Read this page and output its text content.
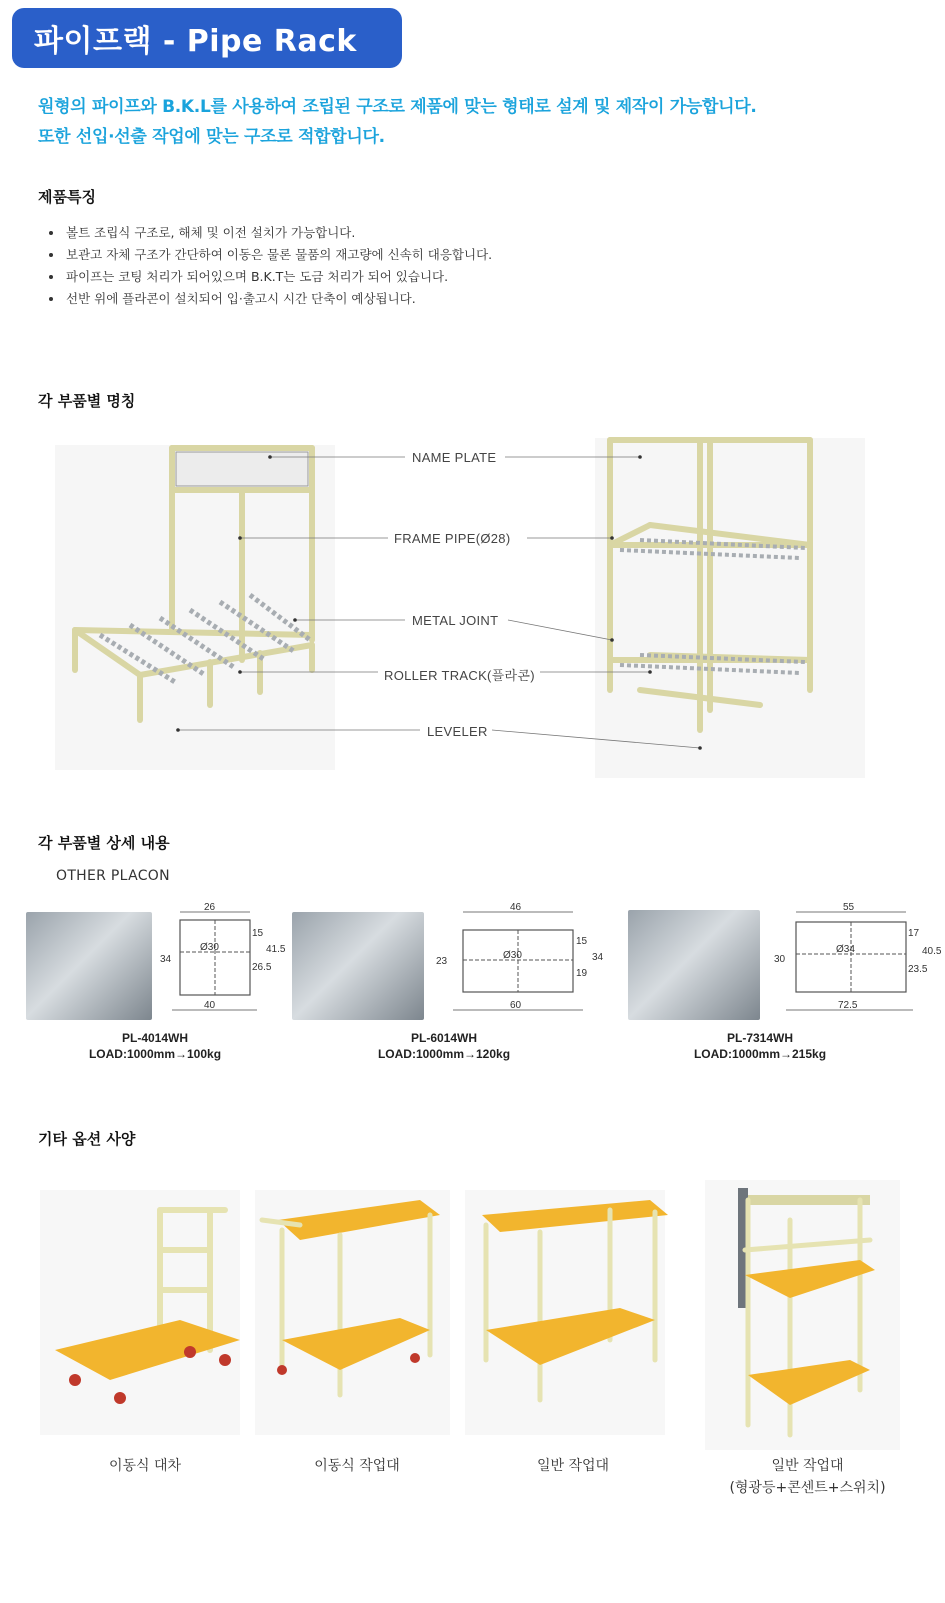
파이프랙 - Pipe Rack
원형의 파이프와 B.K.L를 사용하여 조립된 구조로 제품에 맞는 형태로 설계 및 제작이 가능합니다.
또한 선입·선출 작업에 맞는 구조로 적합합니다.
제품특징
• 볼트 조립식 구조로, 해체 및 이전 설치가 가능합니다.
• 보관고 자체 구조가 간단하여 이동은 물론 물품의 재고량에 신속히 대응합니다.
• 파이프는 코팅 처리가 되어있으며 B.K.T는 도금 처리가 되어 있습니다.
• 선반 위에 플라콘이 설치되어 입·출고시 시간 단축이 예상됩니다.
각 부품별 명칭
NAME PLATE
FRAME PIPE(Ø28)
METAL JOINT
ROLLER TRACK(플라콘)
LEVELER
각 부품별 상세 내용
OTHER PLACON
26
40
Ø30
34
15
26.5
41.5
PL-4014WH
LOAD:1000mm→100kg
46
60
Ø30
23
15
19
34
PL-6014WH
LOAD:1000mm→120kg
55
72.5
Ø34
30
17
23.5
40.5
PL-7314WH
LOAD:1000mm→215kg
기타 옵션 사양
이동식 대차	이동식 작업대	일반 작업대	일반 작업대
(형광등+콘센트+스위치)
